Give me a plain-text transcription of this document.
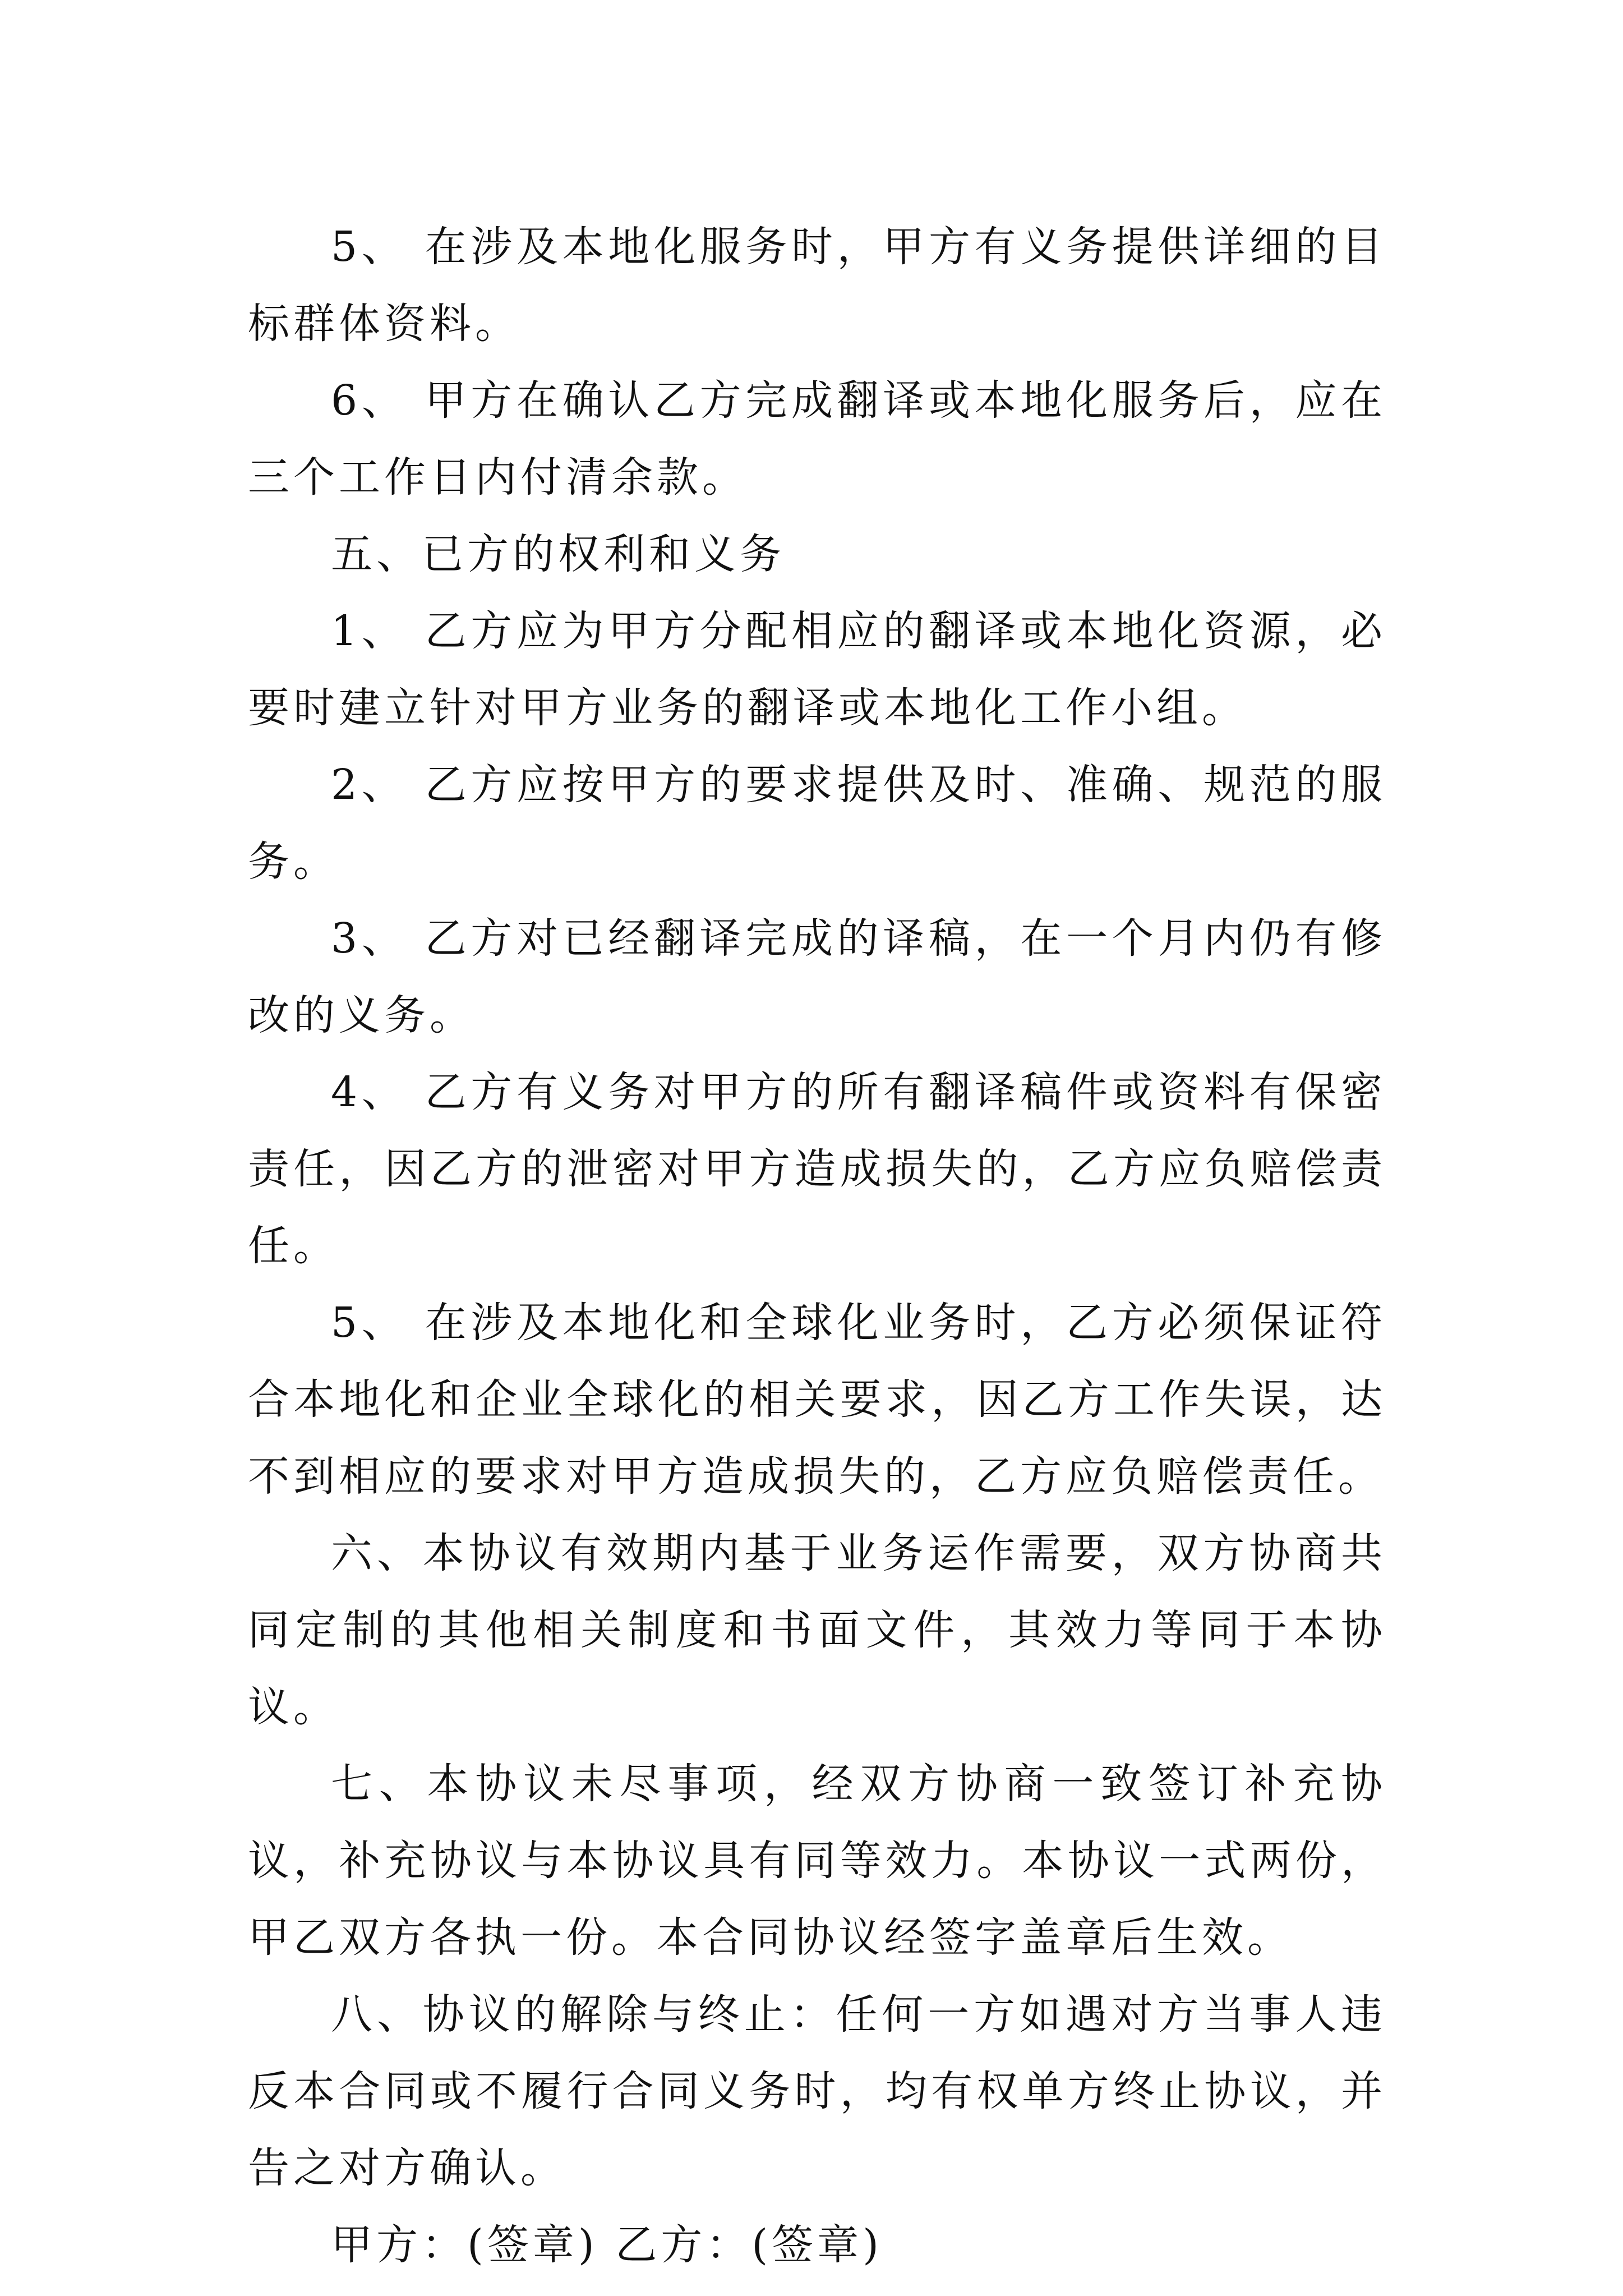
5、 在涉及本地化服务时，甲方有义务提供详细的目标群体资料。

6、 甲方在确认乙方完成翻译或本地化服务后，应在三个工作日内付清余款。

五、已方的权利和义务

1、 乙方应为甲方分配相应的翻译或本地化资源，必要时建立针对甲方业务的翻译或本地化工作小组。

2、 乙方应按甲方的要求提供及时、准确、规范的服务。

3、 乙方对已经翻译完成的译稿，在一个月内仍有修改的义务。

4、 乙方有义务对甲方的所有翻译稿件或资料有保密责任，因乙方的泄密对甲方造成损失的，乙方应负赔偿责任。

5、 在涉及本地化和全球化业务时，乙方必须保证符合本地化和企业全球化的相关要求，因乙方工作失误，达不到相应的要求对甲方造成损失的，乙方应负赔偿责任。

六、本协议有效期内基于业务运作需要，双方协商共同定制的其他相关制度和书面文件，其效力等同于本协议。

七、本协议未尽事项，经双方协商一致签订补充协议，补充协议与本协议具有同等效力。本协议一式两份，甲乙双方各执一份。本合同协议经签字盖章后生效。

八、协议的解除与终止：任何一方如遇对方当事人违反本合同或不履行合同义务时，均有权单方终止协议，并告之对方确认。

甲方：(签章) 乙方：(签章)
